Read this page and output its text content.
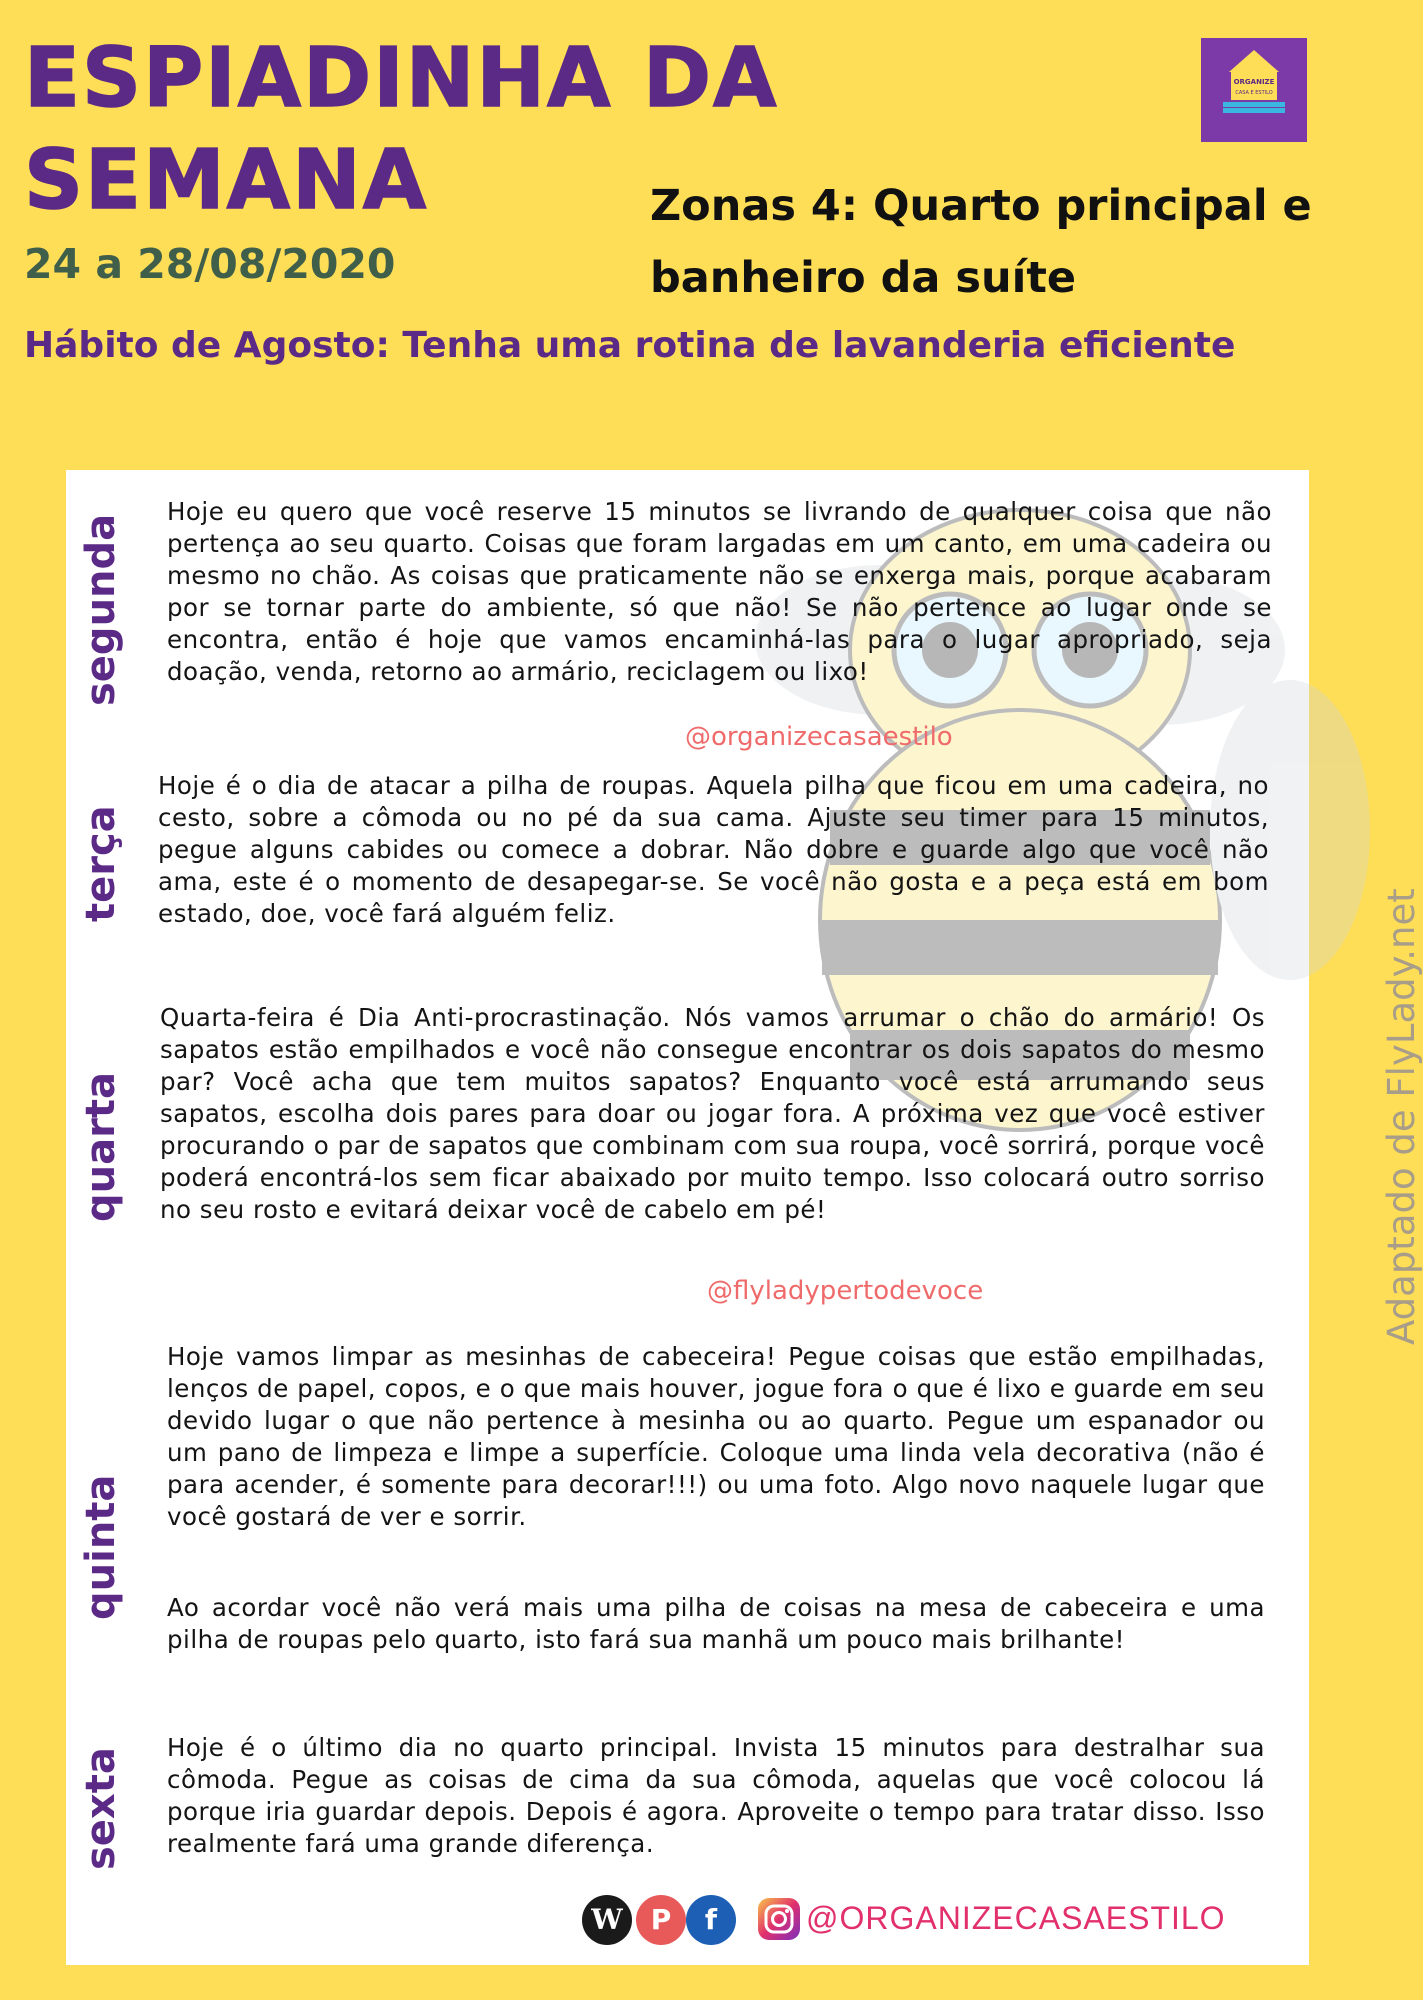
ESPIADINHA DA
SEMANA
24 a 28/08/2020
Zonas 4: Quarto principal e
banheiro da suíte
Hábito de Agosto: Tenha uma rotina de lavanderia eficiente
ORGANIZE
CASA E ESTILO
segunda

Hoje eu quero que você reserve 15 minutos se livrando de qualquer coisa que não pertença ao seu quarto. Coisas que foram largadas em um canto, em uma cadeira ou mesmo no chão. As coisas que praticamente não se enxerga mais, porque acabaram por se tornar parte do ambiente, só que não! Se não pertence ao lugar onde se encontra, então é hoje que vamos encaminhá-las para o lugar apropriado, seja doação, venda, retorno ao armário, reciclagem ou lixo!

@organizecasaestilo
terça

Hoje é o dia de atacar a pilha de roupas. Aquela pilha que ficou em uma cadeira, no cesto, sobre a cômoda ou no pé da sua cama. Ajuste seu timer para 15 minutos, pegue alguns cabides ou comece a dobrar. Não dobre e guarde algo que você não ama, este é o momento de desapegar-se. Se você não gosta e a peça está em bom estado, doe, você fará alguém feliz.

quarta

Quarta-feira é Dia Anti-procrastinação. Nós vamos arrumar o chão do armário! Os sapatos estão empilhados e você não consegue encontrar os dois sapatos do mesmo par? Você acha que tem muitos sapatos? Enquanto você está arrumando seus sapatos, escolha dois pares para doar ou jogar fora. A próxima vez que você estiver procurando o par de sapatos que combinam com sua roupa, você sorrirá, porque você poderá encontrá-los sem ficar abaixado por muito tempo. Isso colocará outro sorriso no seu rosto e evitará deixar você de cabelo em pé!

@flyladypertodevoce
quinta

Hoje vamos limpar as mesinhas de cabeceira! Pegue coisas que estão empilhadas, lenços de papel, copos, e o que mais houver, jogue fora o que é lixo e guarde em seu devido lugar o que não pertence à mesinha ou ao quarto. Pegue um espanador ou um pano de limpeza e limpe a superfície. Coloque uma linda vela decorativa (não é para acender, é somente para decorar!!!) ou uma foto. Algo novo naquele lugar que você gostará de ver e sorrir.

Ao acordar você não verá mais uma pilha de coisas na mesa de cabeceira e uma pilha de roupas pelo quarto, isto fará sua manhã um pouco mais brilhante!

sexta Hoje é o último dia no quarto principal. Invista 15 minutos para destralhar sua cômoda. Pegue as coisas de cima da sua cômoda, aquelas que você colocou lá porque iria guardar depois. Depois é agora. Aproveite o tempo para tratar disso. Isso realmente fará uma grande diferença.

Adaptado de FlyLady.net
W	P	f	@ORGANIZECASAESTILO
